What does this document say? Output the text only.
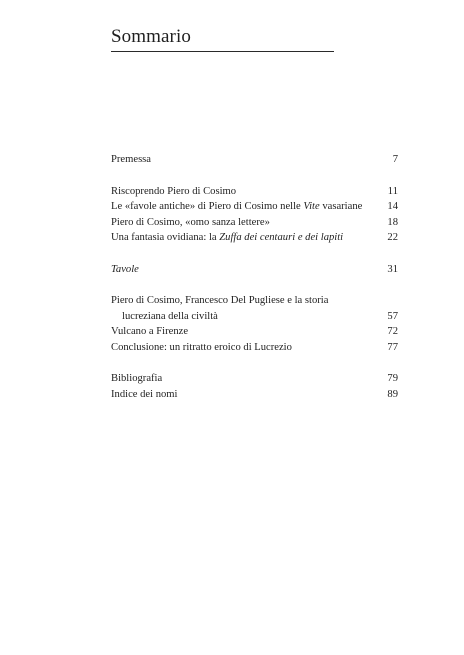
Sommario
Premessa	7
Riscoprendo Piero di Cosimo	11
Le «favole antiche» di Piero di Cosimo nelle Vite vasariane	14
Piero di Cosimo, «omo sanza lettere»	18
Una fantasia ovidiana: la Zuffa dei centauri e dei lapiti	22
Tavole	31
Piero di Cosimo, Francesco Del Pugliese e la storia
lucreziana della civiltà	57
Vulcano a Firenze	72
Conclusione: un ritratto eroico di Lucrezio	77
Bibliografia	79
Indice dei nomi	89
